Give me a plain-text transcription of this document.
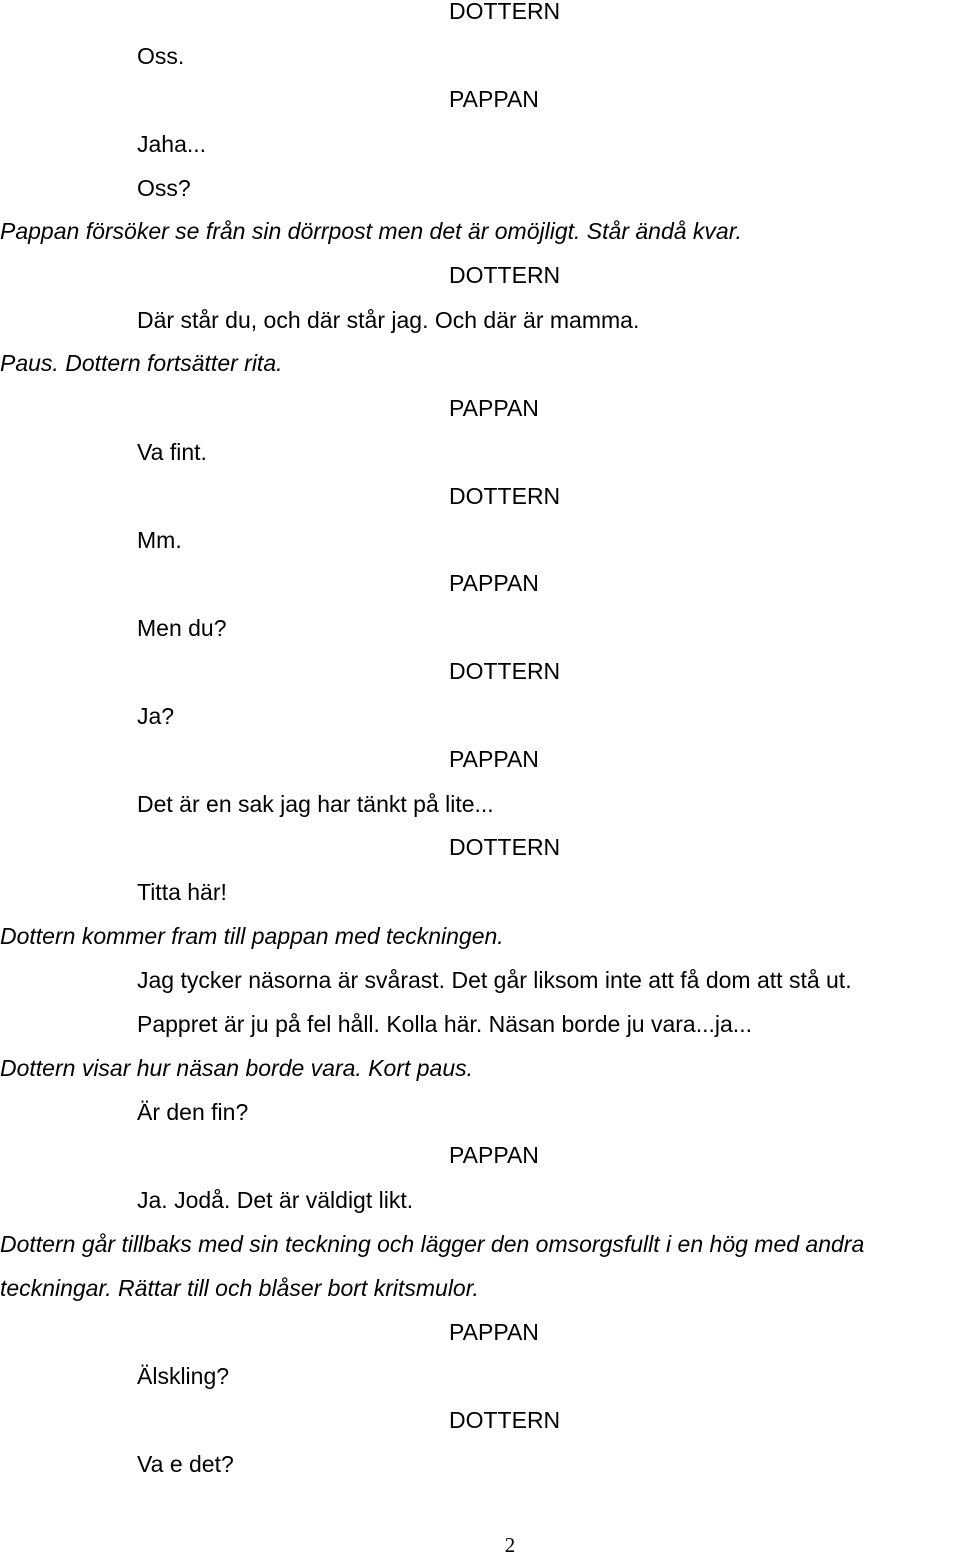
DOTTERN
Oss.
PAPPAN
Jaha...
Oss?
Pappan försöker se från sin dörrpost men det är omöjligt. Står ändå kvar.
DOTTERN
Där står du, och där står jag. Och där är mamma.
Paus. Dottern fortsätter rita.
PAPPAN
Va fint.
DOTTERN
Mm.
PAPPAN
Men du?
DOTTERN
Ja?
PAPPAN
Det är en sak jag har tänkt på lite...
DOTTERN
Titta här!
Dottern kommer fram till pappan med teckningen.
Jag tycker näsorna är svårast. Det går liksom inte att få dom att stå ut.
Pappret är ju på fel håll. Kolla här. Näsan borde ju vara...ja...
Dottern visar hur näsan borde vara. Kort paus.
Är den fin?
PAPPAN
Ja. Jodå. Det är väldigt likt.
Dottern går tillbaks med sin teckning och lägger den omsorgsfullt i en hög med andra
teckningar. Rättar till och blåser bort kritsmulor.
PAPPAN
Älskling?
DOTTERN
Va e det?
2
